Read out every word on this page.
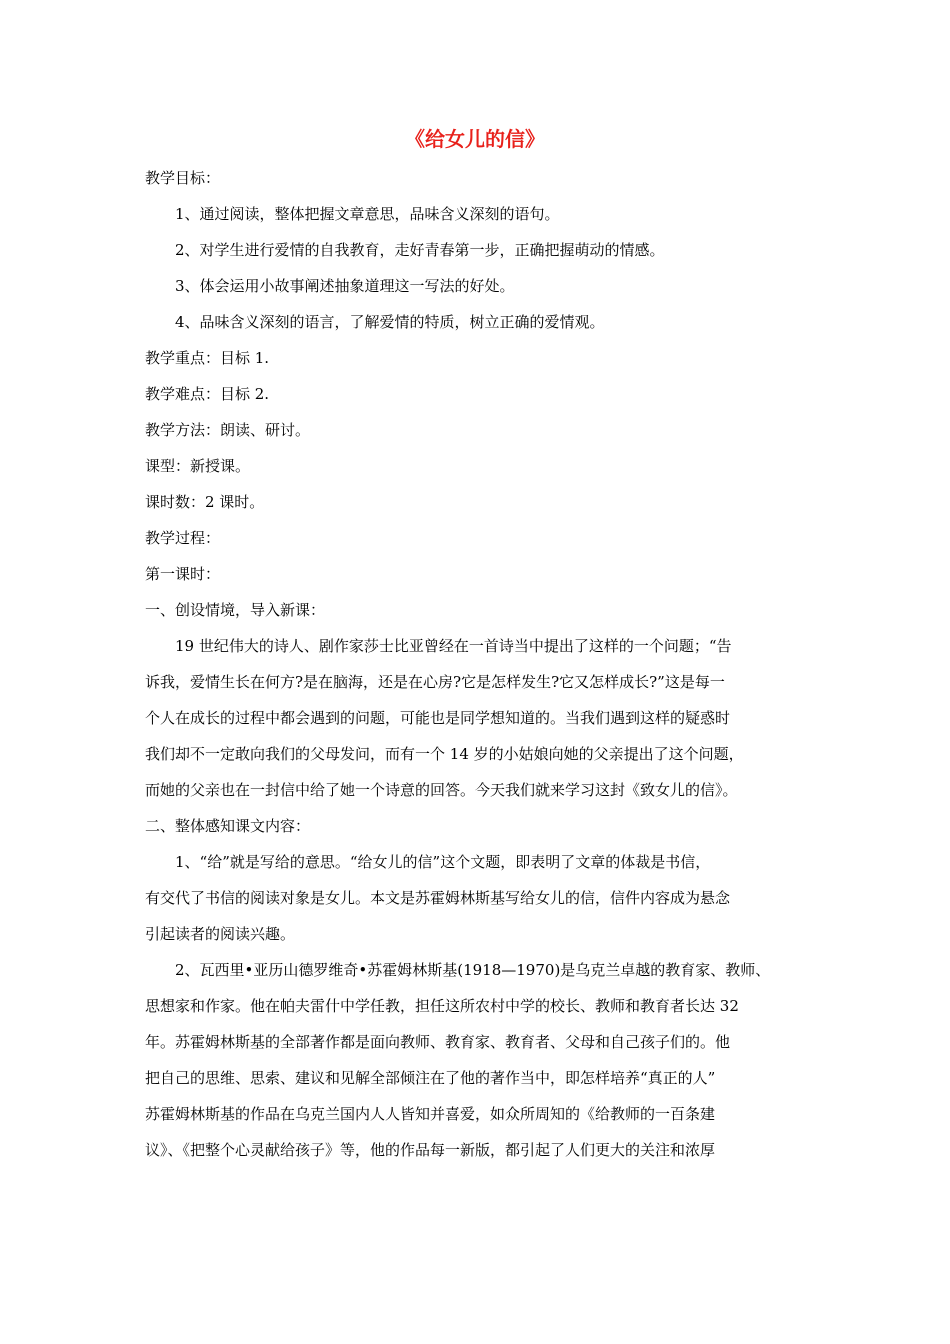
《给女儿的信》

教学目标：

1、通过阅读，整体把握文章意思，品味含义深刻的语句。

2、对学生进行爱情的自我教育，走好青春第一步，正确把握萌动的情感。

3、体会运用小故事阐述抽象道理这一写法的好处。

4、品味含义深刻的语言，了解爱情的特质，树立正确的爱情观。

教学重点：目标 1.

教学难点：目标 2.

教学方法：朗读、研讨。

课型：新授课。

课时数：2 课时。

教学过程：

第一课时：

一、创设情境，导入新课：

19 世纪伟大的诗人、剧作家莎士比亚曾经在一首诗当中提出了这样的一个问题；“告

诉我，爱情生长在何方?是在脑海，还是在心房?它是怎样发生?它又怎样成长?”这是每一

个人在成长的过程中都会遇到的问题，可能也是同学想知道的。当我们遇到这样的疑惑时

我们却不一定敢向我们的父母发问，而有一个 14 岁的小姑娘向她的父亲提出了这个问题，

而她的父亲也在一封信中给了她一个诗意的回答。今天我们就来学习这封《致女儿的信》。

二、整体感知课文内容：

1、“给”就是写给的意思。“给女儿的信”这个文题，即表明了文章的体裁是书信，

有交代了书信的阅读对象是女儿。本文是苏霍姆林斯基写给女儿的信，信件内容成为悬念

引起读者的阅读兴趣。

2、瓦西里•亚历山德罗维奇•苏霍姆林斯基(1918—1970)是乌克兰卓越的教育家、教师、

思想家和作家。他在帕夫雷什中学任教，担任这所农村中学的校长、教师和教育者长达 32

年。苏霍姆林斯基的全部著作都是面向教师、教育家、教育者、父母和自己孩子们的。他

把自己的思维、思索、建议和见解全部倾注在了他的著作当中，即怎样培养“真正的人”

苏霍姆林斯基的作品在乌克兰国内人人皆知并喜爱，如众所周知的《给教师的一百条建

议》、《把整个心灵献给孩子》等，他的作品每一新版，都引起了人们更大的关注和浓厚
